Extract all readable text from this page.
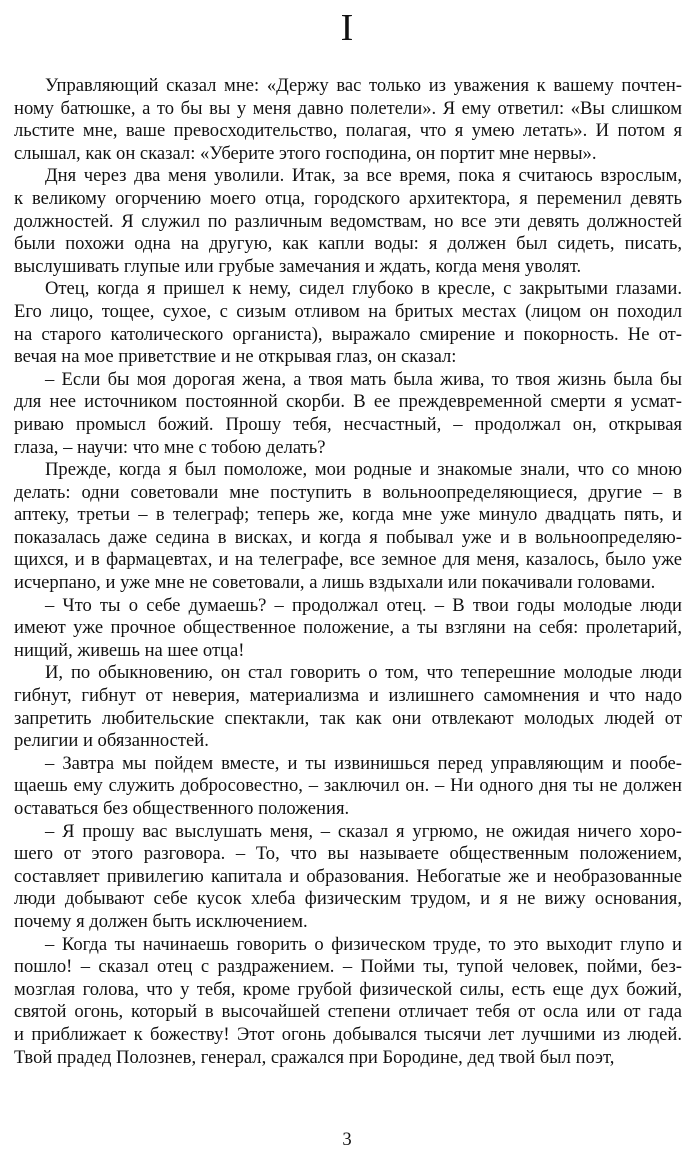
I
Управляющий сказал мне: «Держу вас только из уважения к вашему почтен-
ному батюшке, а то бы вы у меня давно полетели». Я ему ответил: «Вы слишком
льстите мне, ваше превосходительство, полагая, что я умею летать». И потом я
слышал, как он сказал: «Уберите этого господина, он портит мне нервы».
Дня через два меня уволили. Итак, за все время, пока я считаюсь взрослым,
к великому огорчению моего отца, городского архитектора, я переменил девять
должностей. Я служил по различным ведомствам, но все эти девять должностей
были похожи одна на другую, как капли воды: я должен был сидеть, писать,
выслушивать глупые или грубые замечания и ждать, когда меня уволят.
Отец, когда я пришел к нему, сидел глубоко в кресле, с закрытыми глазами.
Его лицо, тощее, сухое, с сизым отливом на бритых местах (лицом он походил
на старого католического органиста), выражало смирение и покорность. Не от-
вечая на мое приветствие и не открывая глаз, он сказал:
– Если бы моя дорогая жена, а твоя мать была жива, то твоя жизнь была бы
для нее источником постоянной скорби. В ее преждевременной смерти я усмат-
риваю промысл божий. Прошу тебя, несчастный, – продолжал он, открывая
глаза, – научи: что мне с тобою делать?
Прежде, когда я был помоложе, мои родные и знакомые знали, что со мною
делать: одни советовали мне поступить в вольноопределяющиеся, другие – в
аптеку, третьи – в телеграф; теперь же, когда мне уже минуло двадцать пять, и
показалась даже седина в висках, и когда я побывал уже и в вольноопределяю-
щихся, и в фармацевтах, и на телеграфе, все земное для меня, казалось, было уже
исчерпано, и уже мне не советовали, а лишь вздыхали или покачивали головами.
– Что ты о себе думаешь? – продолжал отец. – В твои годы молодые люди
имеют уже прочное общественное положение, а ты взгляни на себя: пролетарий,
нищий, живешь на шее отца!
И, по обыкновению, он стал говорить о том, что теперешние молодые люди
гибнут, гибнут от неверия, материализма и излишнего самомнения и что надо
запретить любительские спектакли, так как они отвлекают молодых людей от
религии и обязанностей.
– Завтра мы пойдем вместе, и ты извинишься перед управляющим и пообе-
щаешь ему служить добросовестно, – заключил он. – Ни одного дня ты не должен
оставаться без общественного положения.
– Я прошу вас выслушать меня, – сказал я угрюмо, не ожидая ничего хоро-
шего от этого разговора. – То, что вы называете общественным положением,
составляет привилегию капитала и образования. Небогатые же и необразованные
люди добывают себе кусок хлеба физическим трудом, и я не вижу основания,
почему я должен быть исключением.
– Когда ты начинаешь говорить о физическом труде, то это выходит глупо и
пошло! – сказал отец с раздражением. – Пойми ты, тупой человек, пойми, без-
мозглая голова, что у тебя, кроме грубой физической силы, есть еще дух божий,
святой огонь, который в высочайшей степени отличает тебя от осла или от гада
и приближает к божеству! Этот огонь добывался тысячи лет лучшими из людей.
Твой прадед Полознев, генерал, сражался при Бородине, дед твой был поэт,
3
